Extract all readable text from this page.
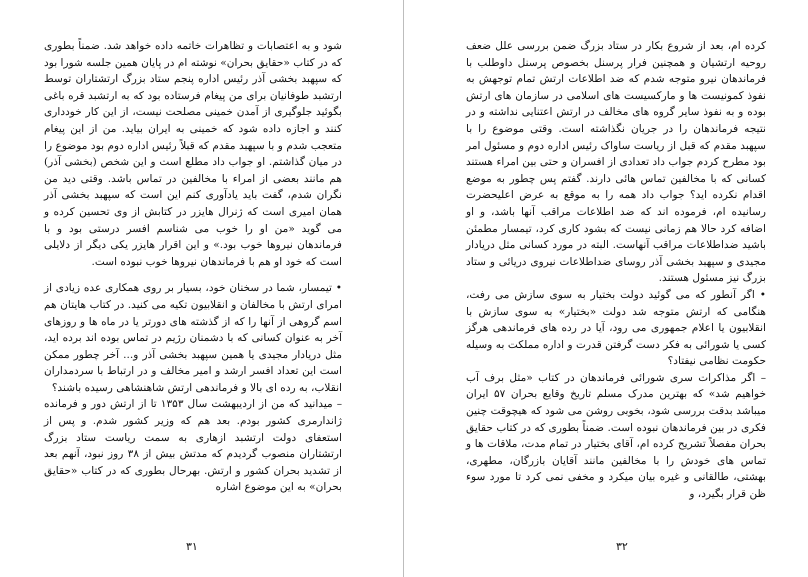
شود و به اعتصابات و تظاهرات خاتمه داده خواهد شد. ضمناً بطوری که در کتاب «حقایق بحران» نوشته ام در پایان همین جلسه شورا بود که سپهبد بخشی آذر رئیس اداره پنجم ستاد بزرگ ارتشتاران توسط ارتشبد طوفانیان برای من پیغام فرستاده بود که به ارتشبد قره باغی بگوئید جلوگیری از آمدن خمینی مصلحت نیست، از این کار خودداری کنند و اجازه داده شود که خمینی به ایران بیاید. من از این پیغام متعجب شدم و با سپهبد مقدم که قبلاً رئیس اداره دوم بود موضوع را در میان گذاشتم. او جواب داد مطلع است و این شخص (بخشی آذر) هم مانند بعضی از امراء با مخالفین در تماس باشد. وقتی دید من نگران شدم، گفت باید یادآوری کنم این است که سپهبد بخشی آذر همان امیری است که ژنرال هایزر در کتابش از وی تحسین کرده و می گوید «من او را خوب می شناسم افسر درستی بود و با فرماندهان نیروها خوب بود.» و این اقرار هایزر یکی دیگر از دلایلی است که خود او هم با فرماندهان نیروها خوب نبوده است.

• تیمسار، شما در سخنان خود، بسیار بر روی همکاری عده زیادی از امرای ارتش با مخالفان و انقلابیون تکیه می کنید. در کتاب هایتان هم اسم گروهی از آنها را که از گذشته های دورتر یا در ماه ها و روزهای آخر به عنوان کسانی که با دشمنان رژیم در تماس بوده اند برده اید، مثل دریادار مجیدی یا همین سپهبد بخشی آذر و... آخر چطور ممکن است این تعداد افسر ارشد و امیر مخالف و در ارتباط با سردمداران انقلاب، به رده ای بالا و فرماندهی ارتش شاهنشاهی رسیده باشند؟

– میدانید که من از اردیبهشت سال ۱۳۵۳ تا از ارتش دور و فرمانده ژاندارمری کشور بودم. بعد هم که وزیر کشور شدم. و پس از استعفای دولت ارتشبد ازهاری به سمت ریاست ستاد بزرگ ارتشتاران منصوب گردیدم که مدتش بیش از ۳۸ روز نبود، آنهم بعد از تشدید بحران کشور و ارتش. بهرحال بطوری که در کتاب «حقایق بحران» به این موضوع اشاره

۳۱

کرده ام، بعد از شروع بکار در ستاد بزرگ ضمن بررسی علل ضعف روحیه ارتشیان و همچنین فرار پرسنل بخصوص پرسنل داوطلب با فرماندهان نیرو متوجه شدم که ضد اطلاعات ارتش تمام توجهش به نفوذ کمونیست ها و مارکسیست های اسلامی در سازمان های ارتش بوده و به نفوذ سایر گروه های مخالف در ارتش اعتنایی نداشته و در نتیجه فرماندهان را در جریان نگذاشته است. وقتی موضوع را با سپهبد مقدم که قبل از ریاست ساواک رئیس اداره دوم و مسئول امر بود مطرح کردم جواب داد تعدادی از افسران و حتی بین امراء هستند کسانی که با مخالفین تماس هائی دارند. گفتم پس چطور به موضع اقدام نکرده اید؟ جواب داد همه را به موقع به عرض اعلیحضرت رسانیده ام، فرموده اند که ضد اطلاعات مراقب آنها باشد، و او اضافه کرد حالا هم زمانی نیست که بشود کاری کرد، تیمسار مطمئن باشید ضداطلاعات مراقب آنهاست. البته در مورد کسانی مثل دریادار مجیدی و سپهبد بخشی آذر روسای ضداطلاعات نیروی دریائی و ستاد بزرگ نیز مسئول هستند.

• اگر آنطور که می گوئید دولت بختیار به سوی سازش می رفت، هنگامی که ارتش متوجه شد دولت «بختیار» به سوی سازش با انقلابیون یا اعلام جمهوری می رود، آیا در رده های فرماندهی هرگز کسی یا شورائی به فکر دست گرفتن قدرت و اداره مملکت به وسیله حکومت نظامی نیفتاد؟

– اگر مذاکرات سری شورائی فرماندهان در کتاب «مثل برف آب خواهیم شد» که بهترین مدرک مسلم تاریخ وقایع بحران ۵۷ ایران میباشد بدقت بررسی شود، بخوبی روشن می شود که هیچوقت چنین فکری در بین فرماندهان نبوده است. ضمناً بطوری که در کتاب حقایق بحران مفصلاً تشریح کرده ام، آقای بختیار در تمام مدت، ملاقات ها و تماس های خودش را با مخالفین مانند آقایان بازرگان، مطهری، بهشتی، طالقانی و غیره بیان میکرد و مخفی نمی کرد تا مورد سوء ظن قرار بگیرد، و

۳۲
